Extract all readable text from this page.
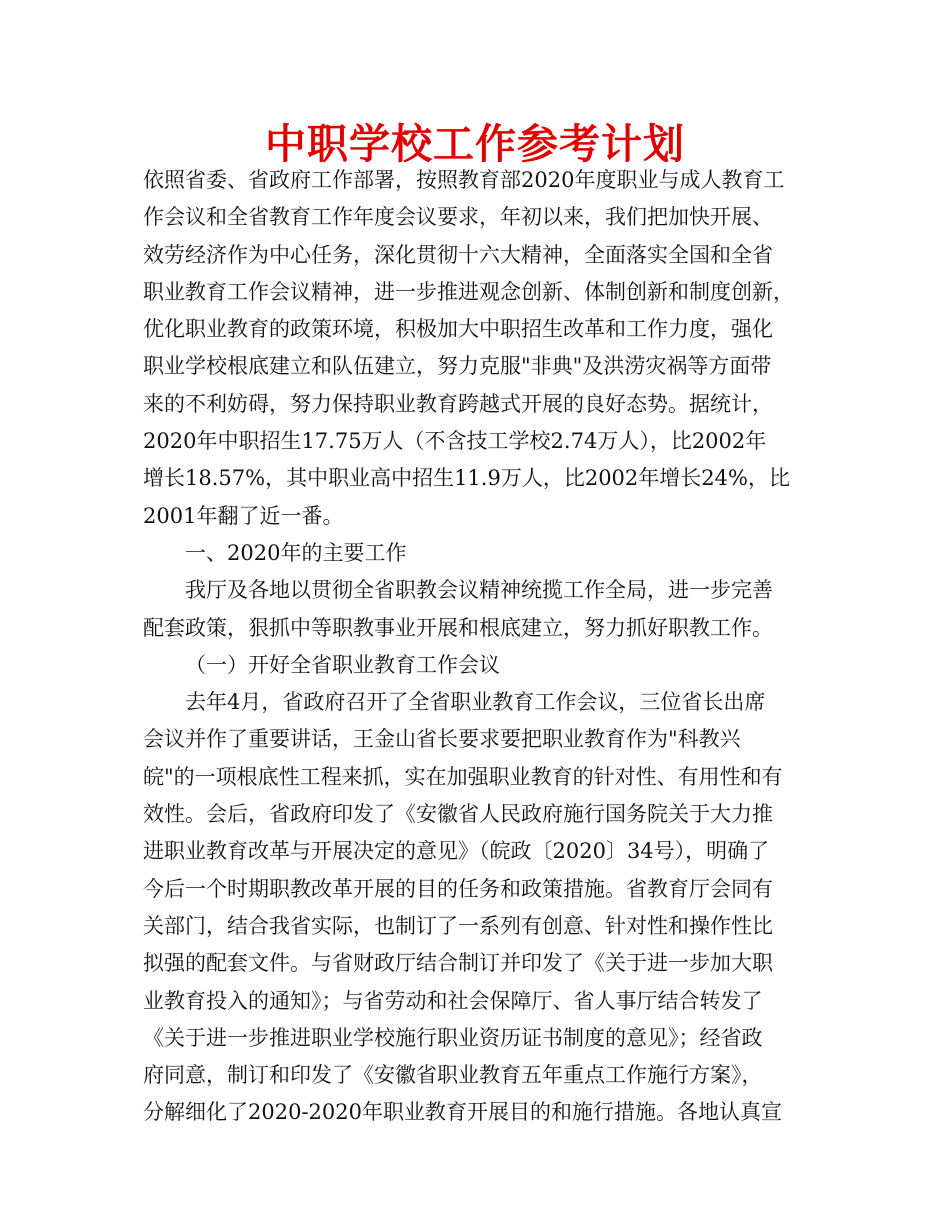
中职学校工作参考计划
依照省委、省政府工作部署，按照教育部2020年度职业与成人教育工
作会议和全省教育工作年度会议要求，年初以来，我们把加快开展、
效劳经济作为中心任务，深化贯彻十六大精神，全面落实全国和全省
职业教育工作会议精神，进一步推进观念创新、体制创新和制度创新，
优化职业教育的政策环境，积极加大中职招生改革和工作力度，强化
职业学校根底建立和队伍建立，努力克服"非典"及洪涝灾祸等方面带
来的不利妨碍，努力保持职业教育跨越式开展的良好态势。据统计，
2020年中职招生17.75万人（不含技工学校2.74万人），比2002年
增长18.57%，其中职业高中招生11.9万人，比2002年增长24%，比
2001年翻了近一番。
一、2020年的主要工作
我厅及各地以贯彻全省职教会议精神统揽工作全局，进一步完善
配套政策，狠抓中等职教事业开展和根底建立，努力抓好职教工作。
（一）开好全省职业教育工作会议
去年4月，省政府召开了全省职业教育工作会议，三位省长出席
会议并作了重要讲话，王金山省长要求要把职业教育作为"科教兴
皖"的一项根底性工程来抓，实在加强职业教育的针对性、有用性和有
效性。会后，省政府印发了《安徽省人民政府施行国务院关于大力推
进职业教育改革与开展决定的意见》（皖政〔2020〕34号），明确了
今后一个时期职教改革开展的目的任务和政策措施。省教育厅会同有
关部门，结合我省实际，也制订了一系列有创意、针对性和操作性比
拟强的配套文件。与省财政厅结合制订并印发了《关于进一步加大职
业教育投入的通知》；与省劳动和社会保障厅、省人事厅结合转发了
《关于进一步推进职业学校施行职业资历证书制度的意见》；经省政
府同意，制订和印发了《安徽省职业教育五年重点工作施行方案》，
分解细化了2020-2020年职业教育开展目的和施行措施。各地认真宣
